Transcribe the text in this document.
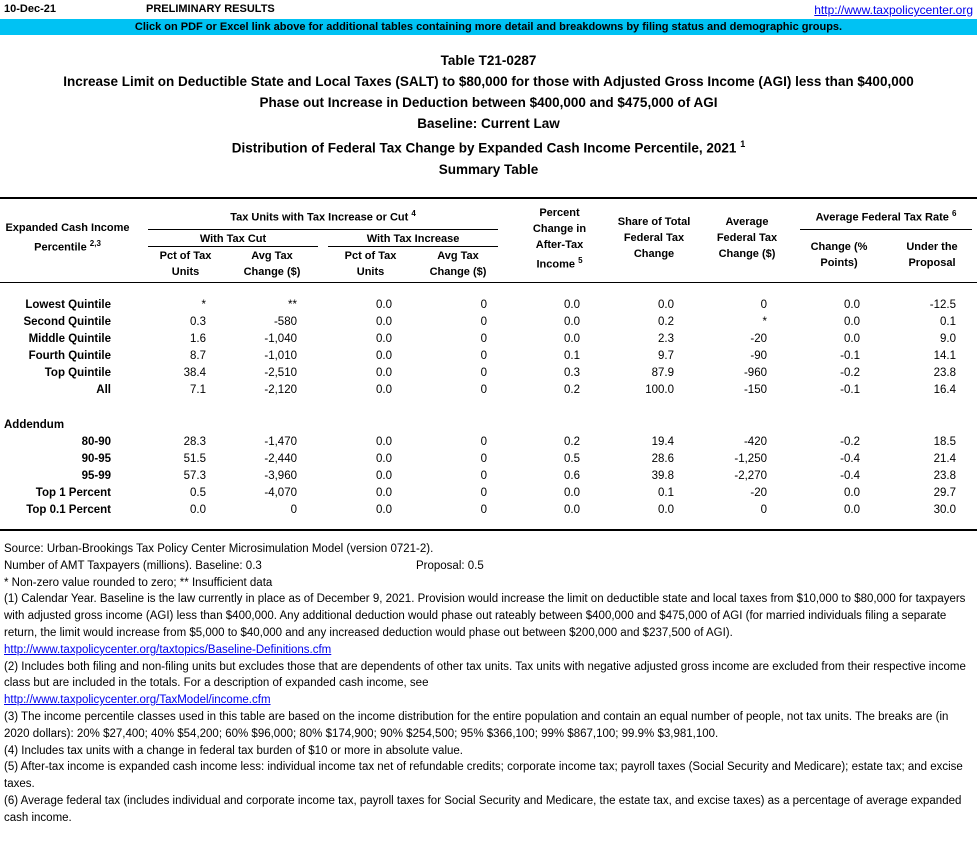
10-Dec-21	PRELIMINARY RESULTS	http://www.taxpolicycenter.org
Click on PDF or Excel link above for additional tables containing more detail and breakdowns by filing status and demographic groups.
Table T21-0287
Increase Limit on Deductible State and Local Taxes (SALT) to $80,000 for those with Adjusted Gross Income (AGI) less than $400,000
Phase out Increase in Deduction between $400,000 and $475,000 of AGI
Baseline: Current Law
Distribution of Federal Tax Change by Expanded Cash Income Percentile, 2021 $^1$
Summary Table
Expanded Cash Income
Percentile $^{2,3}$
Tax Units with Tax Increase or Cut $^4$
With Tax Cut	With Tax Increase
Pct of Tax
Units
Avg Tax
Change ($)
Pct of Tax
Units
Avg Tax
Change ($)
Percent
Change in
After-Tax
Income $^5$
Share of Total
Federal Tax
Change
Average
Federal Tax
Change ($)
Average Federal Tax Rate $^6$
Change (%
Points)
Under the
Proposal
Lowest Quintile	*	**	0.0	0	0.0	0.0	0	0.0	-12.5
Second Quintile	0.3	-580	0.0	0	0.0	0.2	*	0.0	0.1
Middle Quintile	1.6	-1,040	0.0	0	0.0	2.3	-20	0.0	9.0
Fourth Quintile	8.7	-1,010	0.0	0	0.1	9.7	-90	-0.1	14.1
Top Quintile	38.4	-2,510	0.0	0	0.3	87.9	-960	-0.2	23.8
All	7.1	-2,120	0.0	0	0.2	100.0	-150	-0.1	16.4
Addendum
80-90	28.3	-1,470	0.0	0	0.2	19.4	-420	-0.2	18.5
90-95	51.5	-2,440	0.0	0	0.5	28.6	-1,250	-0.4	21.4
95-99	57.3	-3,960	0.0	0	0.6	39.8	-2,270	-0.4	23.8
Top 1 Percent	0.5	-4,070	0.0	0	0.0	0.1	-20	0.0	29.7
Top 0.1 Percent	0.0	0	0.0	0	0.0	0.0	0	0.0	30.0
Source: Urban-Brookings Tax Policy Center Microsimulation Model (version 0721-2).
Number of AMT Taxpayers (millions). Baseline: 0.3	Proposal: 0.5
* Non-zero value rounded to zero; ** Insufficient data
(1) Calendar Year. Baseline is the law currently in place as of December 9, 2021. Provision would increase the limit on deductible state and local taxes from $10,000 to $80,000 for taxpayers with adjusted gross income (AGI) less than $400,000. Any additional deduction would phase out rateably between $400,000 and $475,000 of AGI (for married individuals filing a separate return, the limit would increase from $5,000 to $40,000 and any increased deduction would phase out between $200,000 and $237,500 of AGI).
http://www.taxpolicycenter.org/taxtopics/Baseline-Definitions.cfm
(2) Includes both filing and non-filing units but excludes those that are dependents of other tax units. Tax units with negative adjusted gross income are excluded from their respective income class but are included in the totals. For a description of expanded cash income, see
http://www.taxpolicycenter.org/TaxModel/income.cfm
(3) The income percentile classes used in this table are based on the income distribution for the entire population and contain an equal number of people, not tax units. The breaks are (in 2020 dollars): 20% $27,400; 40% $54,200; 60% $96,000; 80% $174,900; 90% $254,500; 95% $366,100; 99% $867,100; 99.9% $3,981,100.
(4) Includes tax units with a change in federal tax burden of $10 or more in absolute value.
(5) After-tax income is expanded cash income less: individual income tax net of refundable credits; corporate income tax; payroll taxes (Social Security and Medicare); estate tax; and excise taxes.
(6) Average federal tax (includes individual and corporate income tax, payroll taxes for Social Security and Medicare, the estate tax, and excise taxes) as a percentage of average expanded cash income.
